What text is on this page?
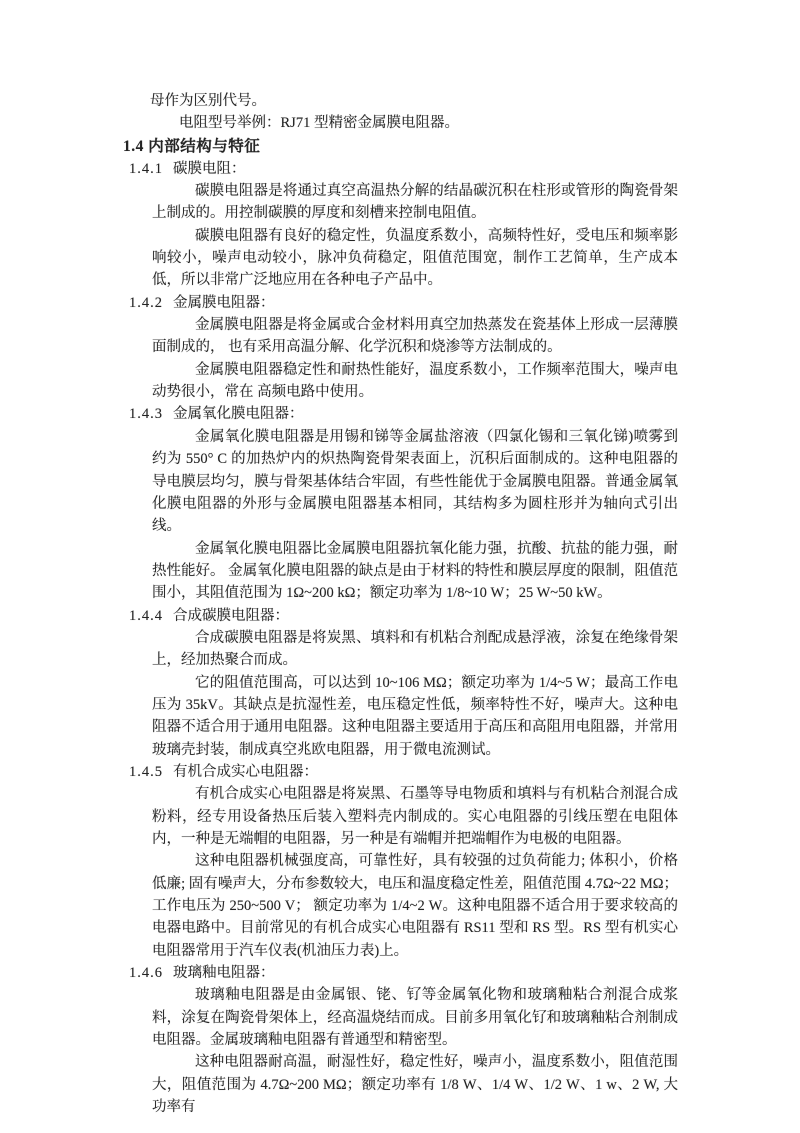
母作为区别代号。
电阻型号举例：RJ71 型精密金属膜电阻器。
1.4 内部结构与特征
1.4.1 碳膜电阻：

碳膜电阻器是将通过真空高温热分解的结晶碳沉积在柱形或管形的陶瓷骨架上制成的。用控制碳膜的厚度和刻槽来控制电阻值。

碳膜电阻器有良好的稳定性，负温度系数小，高频特性好，受电压和频率影响较小，噪声电动较小，脉冲负荷稳定，阻值范围宽，制作工艺简单，生产成本低，所以非常广泛地应用在各种电子产品中。

1.4.2 金属膜电阻器：

金属膜电阻器是将金属或合金材料用真空加热蒸发在瓷基体上形成一层薄膜面制成的， 也有采用高温分解、化学沉积和烧渗等方法制成的。

金属膜电阻器稳定性和耐热性能好，温度系数小，工作频率范围大，噪声电动势很小，常在 高频电路中使用。

1.4.3 金属氧化膜电阻器：

金属氧化膜电阻器是用锡和锑等金属盐溶液（四氯化锡和三氧化锑)喷雾到约为 550° C 的加热炉内的炽热陶瓷骨架表面上，沉积后面制成的。这种电阻器的导电膜层均匀，膜与骨架基体结合牢固，有些性能优于金属膜电阻器。普通金属氧化膜电阻器的外形与金属膜电阻器基本相同，其结构多为圆柱形并为轴向式引出线。

金属氧化膜电阻器比金属膜电阻器抗氧化能力强，抗酸、抗盐的能力强，耐热性能好。 金属氧化膜电阻器的缺点是由于材料的特性和膜层厚度的限制，阻值范围小，其阻值范围为 1Ω~200 kΩ；额定功率为 1/8~10 W；25 W~50 kW。

1.4.4 合成碳膜电阻器：

合成碳膜电阻器是将炭黑、填料和有机粘合剂配成悬浮液，涂复在绝缘骨架上，经加热聚合而成。

它的阻值范围高，可以达到 10~106 MΩ；额定功率为 1/4~5 W；最高工作电压为 35kV。其缺点是抗湿性差，电压稳定性低，频率特性不好，噪声大。这种电阻器不适合用于通用电阻器。这种电阻器主要适用于高压和高阻用电阻器，并常用玻璃壳封装，制成真空兆欧电阻器，用于微电流测试。

1.4.5 有机合成实心电阻器：

有机合成实心电阻器是将炭黑、石墨等导电物质和填料与有机粘合剂混合成粉料，经专用设备热压后装入塑料壳内制成的。实心电阻器的引线压塑在电阻体内，一种是无端帽的电阻器，另一种是有端帽并把端帽作为电极的电阻器。

这种电阻器机械强度高，可靠性好，具有较强的过负荷能力; 体积小，价格低廉; 固有噪声大，分布参数较大，电压和温度稳定性差，阻值范围 4.7Ω~22 MΩ；工作电压为 250~500 V； 额定功率为 1/4~2 W。这种电阻器不适合用于要求较高的电器电路中。目前常见的有机合成实心电阻器有 RS11 型和 RS 型。RS 型有机实心电阻器常用于汽车仪表(机油压力表)上。

1.4.6 玻璃釉电阻器：

玻璃釉电阻器是由金属银、铑、钌等金属氧化物和玻璃釉粘合剂混合成浆料，涂复在陶瓷骨架体上，经高温烧结而成。目前多用氧化钌和玻璃釉粘合剂制成电阻器。金属玻璃釉电阻器有普通型和精密型。

这种电阻器耐高温，耐湿性好，稳定性好，噪声小，温度系数小，阻值范围大，阻值范围为 4.7Ω~200 MΩ；额定功率有 1/8 W、1/4 W、1/2 W、1 w、2 W, 大功率有
